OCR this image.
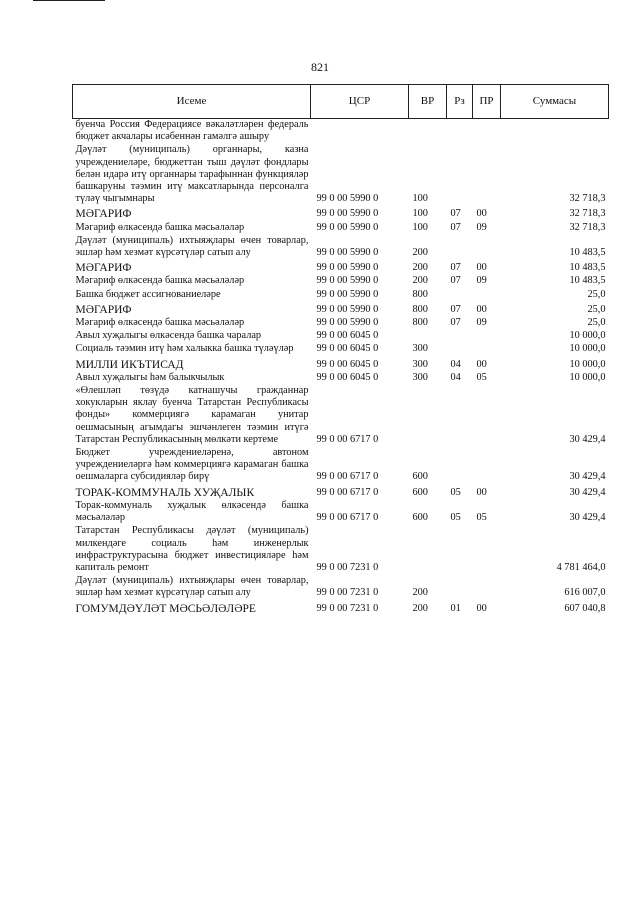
821
Исеме	ЦСР	ВР	Рз	ПР	Суммасы
буенча Россия Федерациясе вәкаләтләрен федераль бюджет акчалары исәбеннән гамәлгә ашыру					
Дәүләт (муниципаль) органнары, казна учреждениеләре, бюджеттан тыш дәүләт фондлары белән идарә итү органнары тарафыннан функцияләр башкаруны тәэмин итү максатларында персоналга түләү чыгымнары	99 0 00 5990 0	100			32 718,3
МӘГАРИФ	99 0 00 5990 0	100	07	00	32 718,3
Мәгариф өлкәсендә башка мәсьәләләр	99 0 00 5990 0	100	07	09	32 718,3
Дәүләт (муниципаль) ихтыяҗлары өчен товарлар, эшләр һәм хезмәт күрсәтүләр сатып алу	99 0 00 5990 0	200			10 483,5
МӘГАРИФ	99 0 00 5990 0	200	07	00	10 483,5
Мәгариф өлкәсендә башка мәсьәләләр	99 0 00 5990 0	200	07	09	10 483,5
Башка бюджет ассигнованиеләре	99 0 00 5990 0	800			25,0
МӘГАРИФ	99 0 00 5990 0	800	07	00	25,0
Мәгариф өлкәсендә башка мәсьәләләр	99 0 00 5990 0	800	07	09	25,0
Авыл хуҗалыгы өлкәсендә башка чаралар	99 0 00 6045 0				10 000,0
Социаль тәэмин итү һәм халыкка башка түләүләр	99 0 00 6045 0	300			10 000,0
МИЛЛИ ИКЪТИСАД	99 0 00 6045 0	300	04	00	10 000,0
Авыл хуҗалыгы һәм балыкчылык	99 0 00 6045 0	300	04	05	10 000,0
«Өлешләп төзүдә катнашучы гражданнар хокукларын яклау буенча Татарстан Республикасы фонды» коммерциягә карамаган унитар оешмасының агымдагы эшчәнлеген тәэмин итүгә Татарстан Республикасының мөлкәти кертеме	99 0 00 6717 0				30 429,4
Бюджет учреждениеләренә, автоном учреждениеләргә һәм коммерциягә карамаган башка оешмаларга субсидияләр бирү	99 0 00 6717 0	600			30 429,4
ТОРАК-КОММУНАЛЬ ХУҖАЛЫК	99 0 00 6717 0	600	05	00	30 429,4
Торак-коммуналь хуҗалык өлкәсендә башка мәсьәләләр	99 0 00 6717 0	600	05	05	30 429,4
Татарстан Республикасы дәүләт (муниципаль) милкендәге социаль һәм инженерлык инфраструктурасына бюджет инвестицияләре һәм капиталь ремонт	99 0 00 7231 0				4 781 464,0
Дәүләт (муниципаль) ихтыяҗлары өчен товарлар, эшләр һәм хезмәт күрсәтүләр сатып алу	99 0 00 7231 0	200			616 007,0
ГОМУМДӘҮЛӘТ МӘСЬӘЛӘЛӘРЕ	99 0 00 7231 0	200	01	00	607 040,8
